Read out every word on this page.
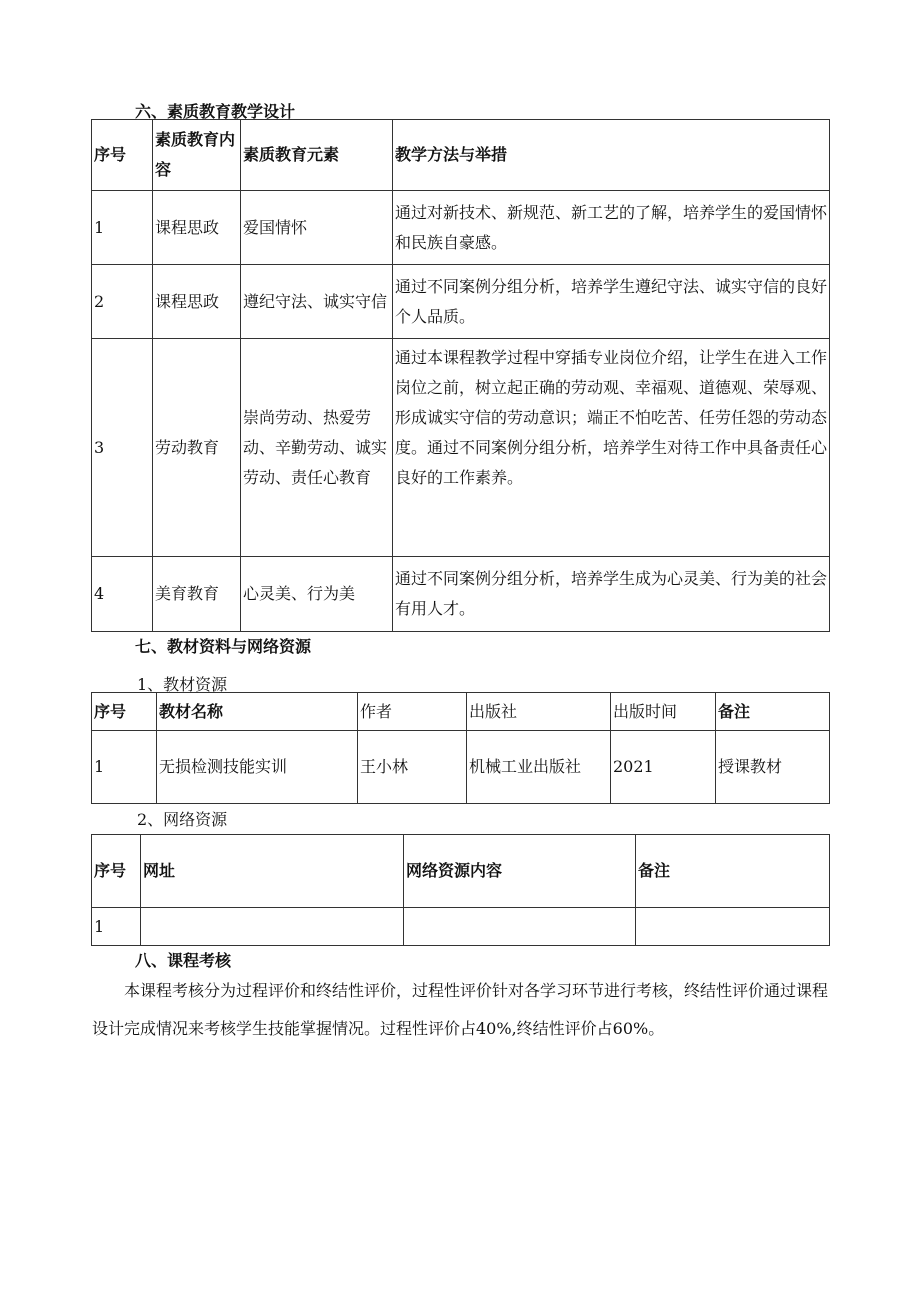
六、素质教育教学设计
序号	素质教育内容	素质教育元素	教学方法与举措
1	课程思政	爱国情怀	通过对新技术、新规范、新工艺的了解，培养学生的爱国情怀和民族自豪感。
2	课程思政	遵纪守法、诚实守信	通过不同案例分组分析，培养学生遵纪守法、诚实守信的良好个人品质。
3	劳动教育	崇尚劳动、热爱劳动、辛勤劳动、诚实劳动、责任心教育	通过本课程教学过程中穿插专业岗位介绍，让学生在进入工作岗位之前，树立起正确的劳动观、幸福观、道德观、荣辱观、形成诚实守信的劳动意识；端正不怕吃苦、任劳任怨的劳动态度。通过不同案例分组分析，培养学生对待工作中具备责任心良好的工作素养。
4	美育教育	心灵美、行为美	通过不同案例分组分析，培养学生成为心灵美、行为美的社会有用人才。
七、教材资料与网络资源
1、教材资源
序号	教材名称	作者	出版社	出版时间	备注
1	无损检测技能实训	王小林	机械工业出版社	2021	授课教材
2、网络资源
序号	网址	网络资源内容	备注
1			
八、课程考核

本课程考核分为过程评价和终结性评价，过程性评价针对各学习环节进行考核，终结性评价通过课程设计完成情况来考核学生技能掌握情况。过程性评价占40%,终结性评价占60%。
